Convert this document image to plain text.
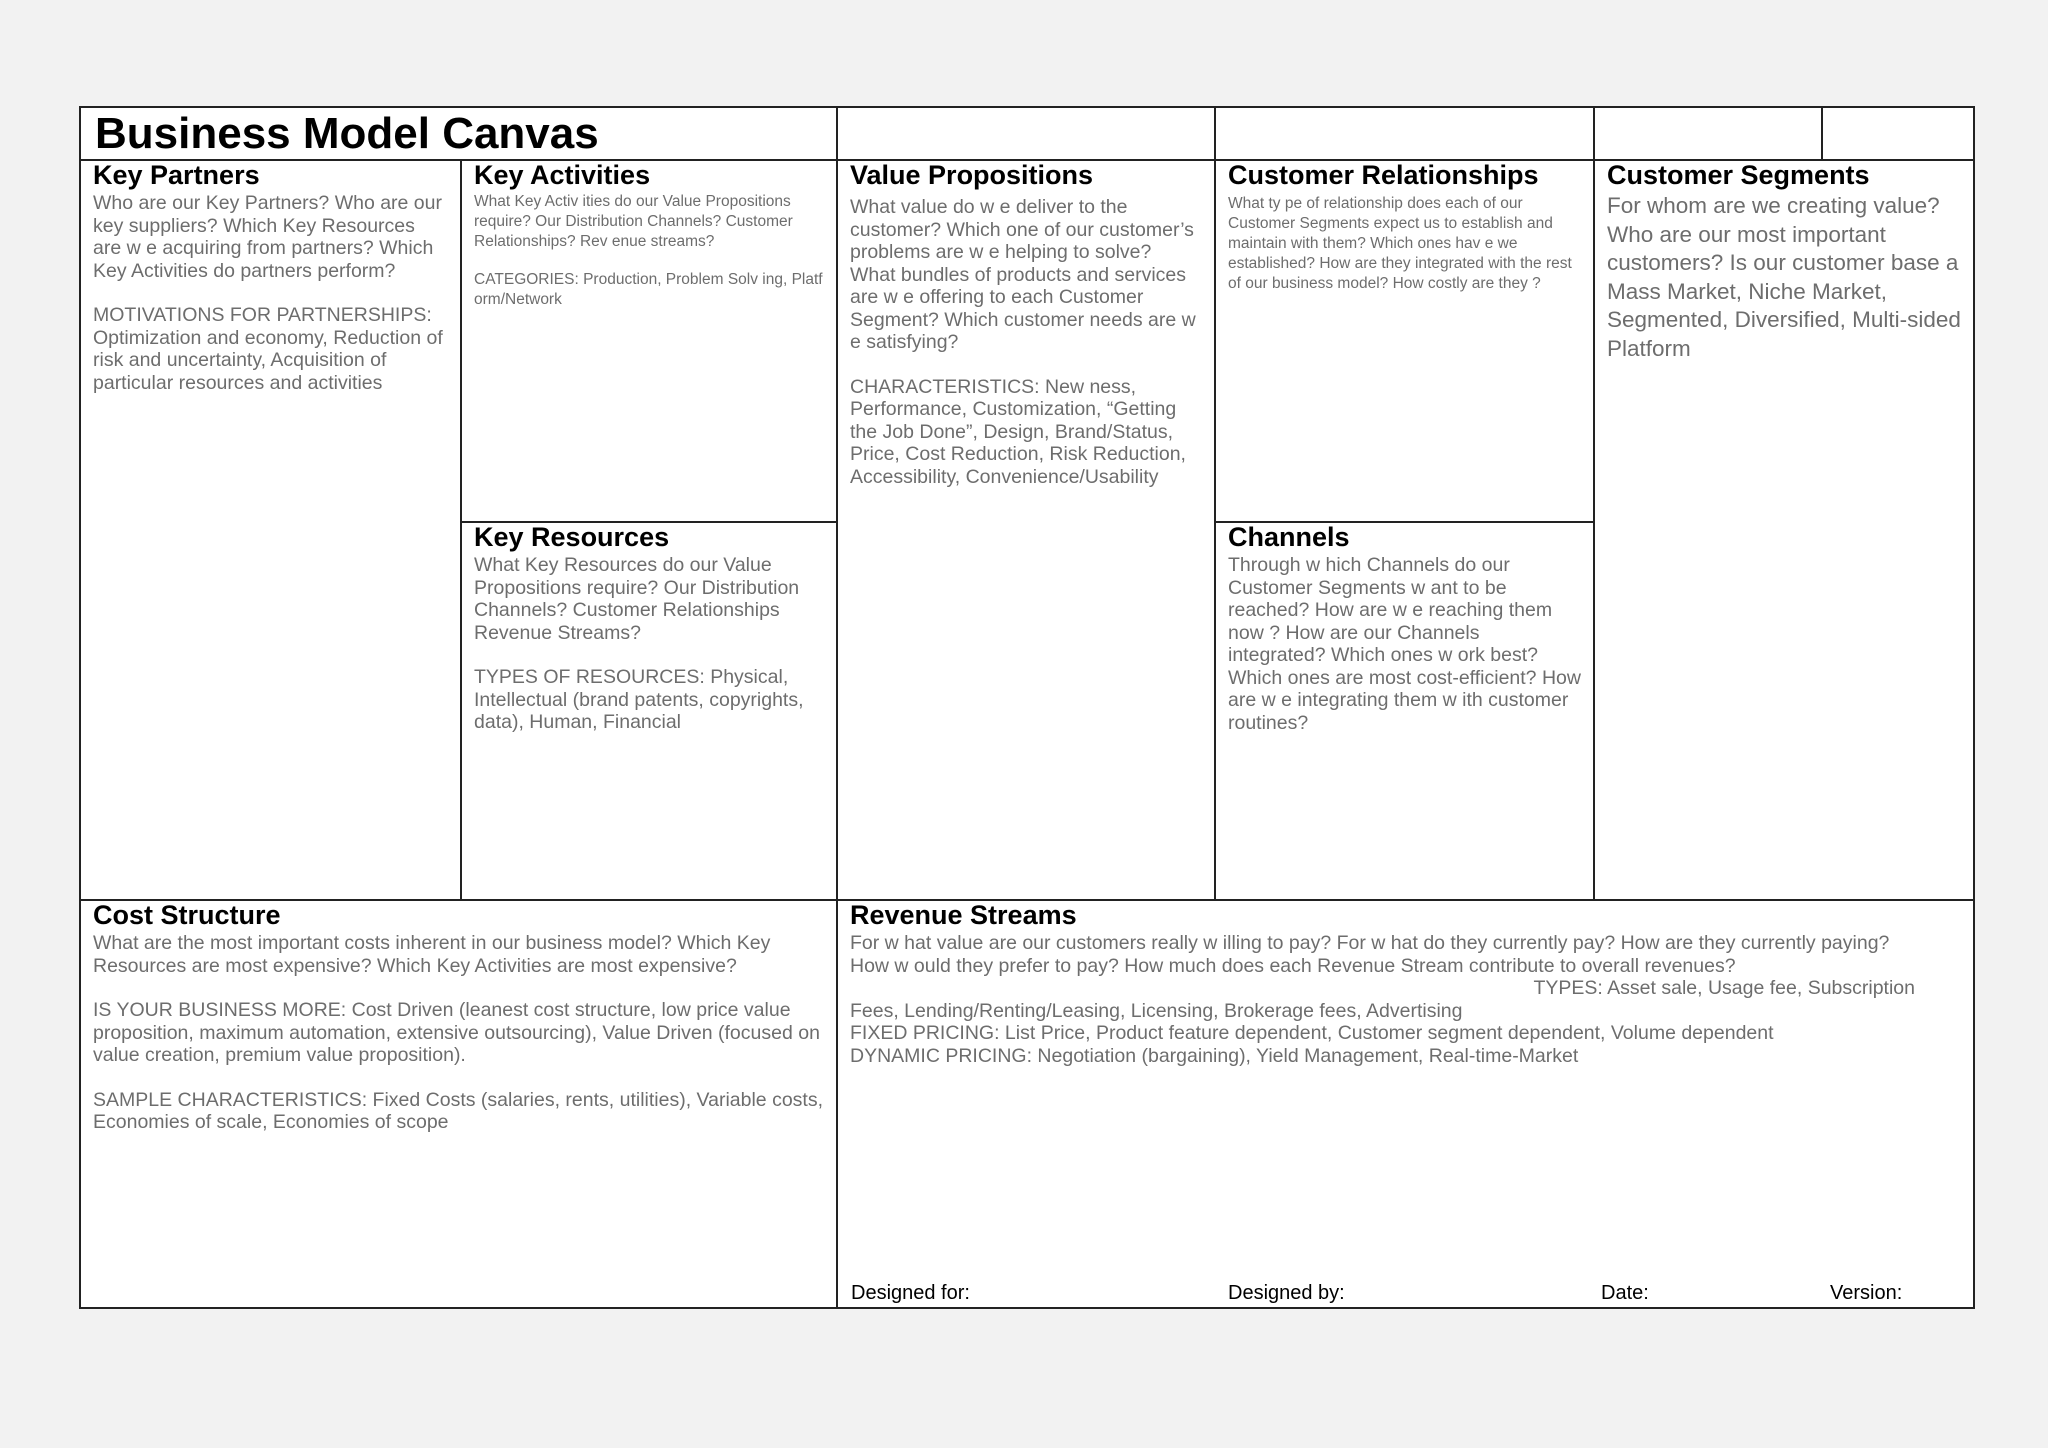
Business Model Canvas
Designed for:	Designed by:	Date:	Version:
Key Partners

Who are our Key Partners? Who are our key suppliers? Which Key Resources are w e acquiring from partners? Which Key Activities do partners perform?

MOTIVATIONS FOR PARTNERSHIPS: Optimization and economy, Reduction of risk and uncertainty, Acquisition of particular resources and activities

Key Activities

What Key Activ ities do our Value Propositions require? Our Distribution Channels? Customer Relationships? Rev enue streams?

CATEGORIES: Production, Problem Solv ing, Platf orm/Network

Key Resources

What Key Resources do our Value Propositions require? Our Distribution Channels? Customer Relationships Revenue Streams?

TYPES OF RESOURCES: Physical, Intellectual (brand patents, copyrights, data), Human, Financial

Value Propositions

What value do w e deliver to the customer? Which one of our customer’s problems are w e helping to solve? What bundles of products and services are w e offering to each Customer Segment? Which customer needs are w e satisfying?

CHARACTERISTICS: New ness, Performance, Customization, “Getting the Job Done”, Design, Brand/Status, Price, Cost Reduction, Risk Reduction, Accessibility, Convenience/Usability

Customer Relationships

What ty pe of relationship does each of our Customer Segments expect us to establish and maintain with them? Which ones hav e we established? How are they integrated with the rest of our business model? How costly are they ?

Channels

Through w hich Channels do our Customer Segments w ant to be reached? How are w e reaching them now ? How are our Channels integrated? Which ones w ork best? Which ones are most cost-efficient? How are w e integrating them w ith customer routines?

Customer Segments

For whom are we creating value? Who are our most important customers? Is our customer base a Mass Market, Niche Market, Segmented, Diversified, Multi-sided Platform

Cost Structure

What are the most important costs inherent in our business model? Which Key Resources are most expensive? Which Key Activities are most expensive?

IS YOUR BUSINESS MORE: Cost Driven (leanest cost structure, low price value proposition, maximum automation, extensive outsourcing), Value Driven (focused on value creation, premium value proposition).

SAMPLE CHARACTERISTICS: Fixed Costs (salaries, rents, utilities), Variable costs, Economies of scale, Economies of scope

Revenue Streams

For w hat value are our customers really w illing to pay? For w hat do they currently pay? How are they currently paying? How w ould they prefer to pay? How much does each Revenue Stream contribute to overall revenues?

TYPES: Asset sale, Usage fee, Subscription

Fees, Lending/Renting/Leasing, Licensing, Brokerage fees, Advertising

FIXED PRICING: List Price, Product feature dependent, Customer segment dependent, Volume dependent

DYNAMIC PRICING: Negotiation (bargaining), Yield Management, Real-time-Market
